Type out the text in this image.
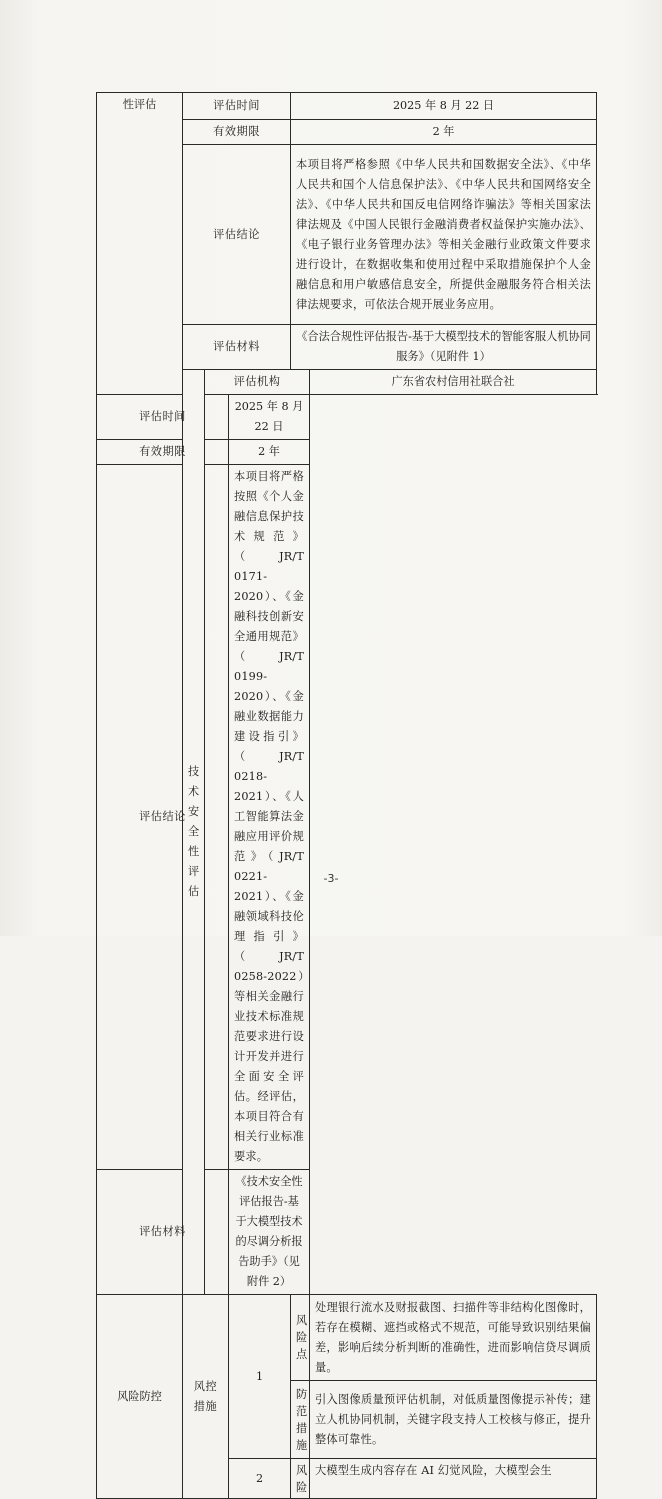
性评估	评估时间			2025 年 8 月 22 日	
	有效期限			2 年	
	评估结论			本项目将严格参照《中华人民共和国数据安全法》、《中华人民共和国个人信息保护法》、《中华人民共和国网络安全法》、《中华人民共和国反电信网络诈骗法》等相关国家法律法规及《中国人民银行金融消费者权益保护实施办法》、《电子银行业务管理办法》等相关金融行业政策文件要求进行设计，在数据收集和使用过程中采取措施保护个人金融信息和用户敏感信息安全，所提供金融服务符合相关法律法规要求，可依法合规开展业务应用。	
	评估材料			《合法合规性评估报告-基于大模型技术的智能客服人机协同服务》（见附件 1）	
	技术安全性评估	评估机构			广东省农村信用社联合社
评估时间			2025 年 8 月 22 日		
有效期限			2 年		
评估结论			本项目将严格按照《个人金融信息保护技术规范》（JR/T 0171-2020）、《金融科技创新安全通用规范》（JR/T 0199-2020）、《金融业数据能力建设指引》（JR/T 0218-2021）、《人工智能算法金融应用评价规范》（JR/T 0221-2021）、《金融领域科技伦理指引》（JR/T 0258-2022）等相关金融行业技术标准规范要求进行设计开发并进行全面安全评估。经评估，本项目符合有相关行业标准要求。		
评估材料			《技术安全性评估报告-基于大模型技术的尽调分析报告助手》（见附件 2）		
风险防控	风控措施		1	风险点	处理银行流水及财报截图、扫描件等非结构化图像时，若存在模糊、遮挡或格式不规范，可能导致识别结果偏差，影响后续分析判断的准确性，进而影响信贷尽调质量。

				防范措施	引入图像质量预评估机制，对低质量图像提示补传；建立人机协同机制，关键字段支持人工校核与修正，提升整体可靠性。
			2	风险	大模型生成内容存在 AI 幻觉风险，大模型会生
-3-
